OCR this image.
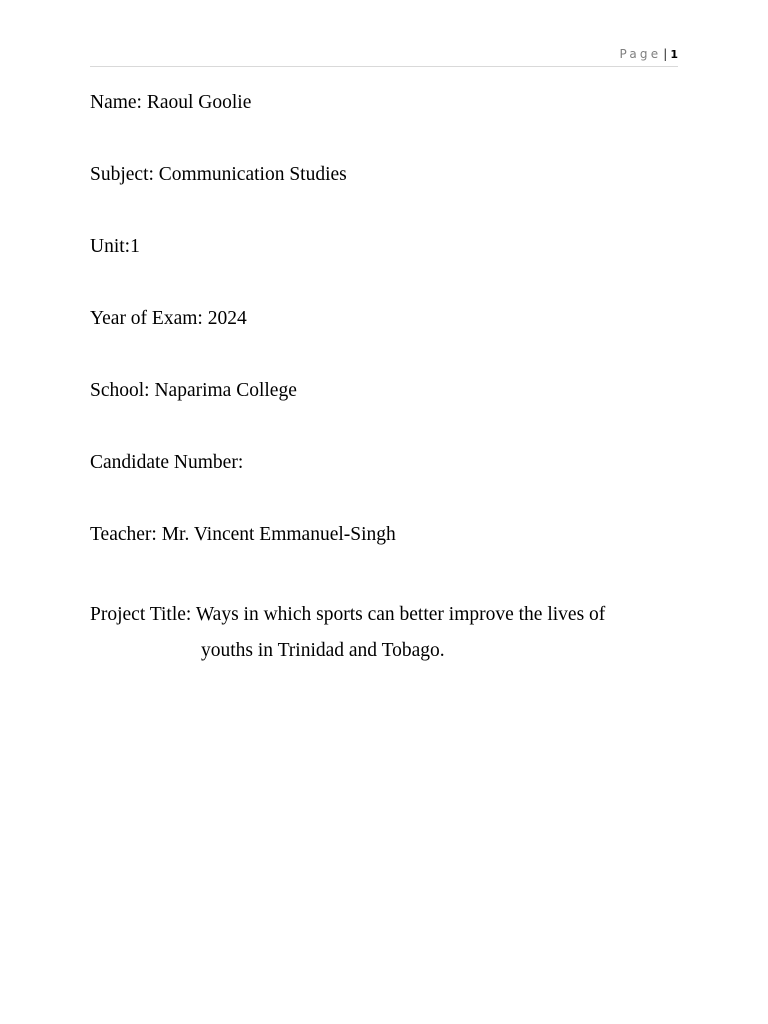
Page | 1
Name: Raoul Goolie
Subject: Communication Studies
Unit:1
Year of Exam: 2024
School: Naparima College
Candidate Number:
Teacher: Mr. Vincent Emmanuel-Singh
Project Title: Ways in which sports can better improve the lives of
youths in Trinidad and Tobago.
